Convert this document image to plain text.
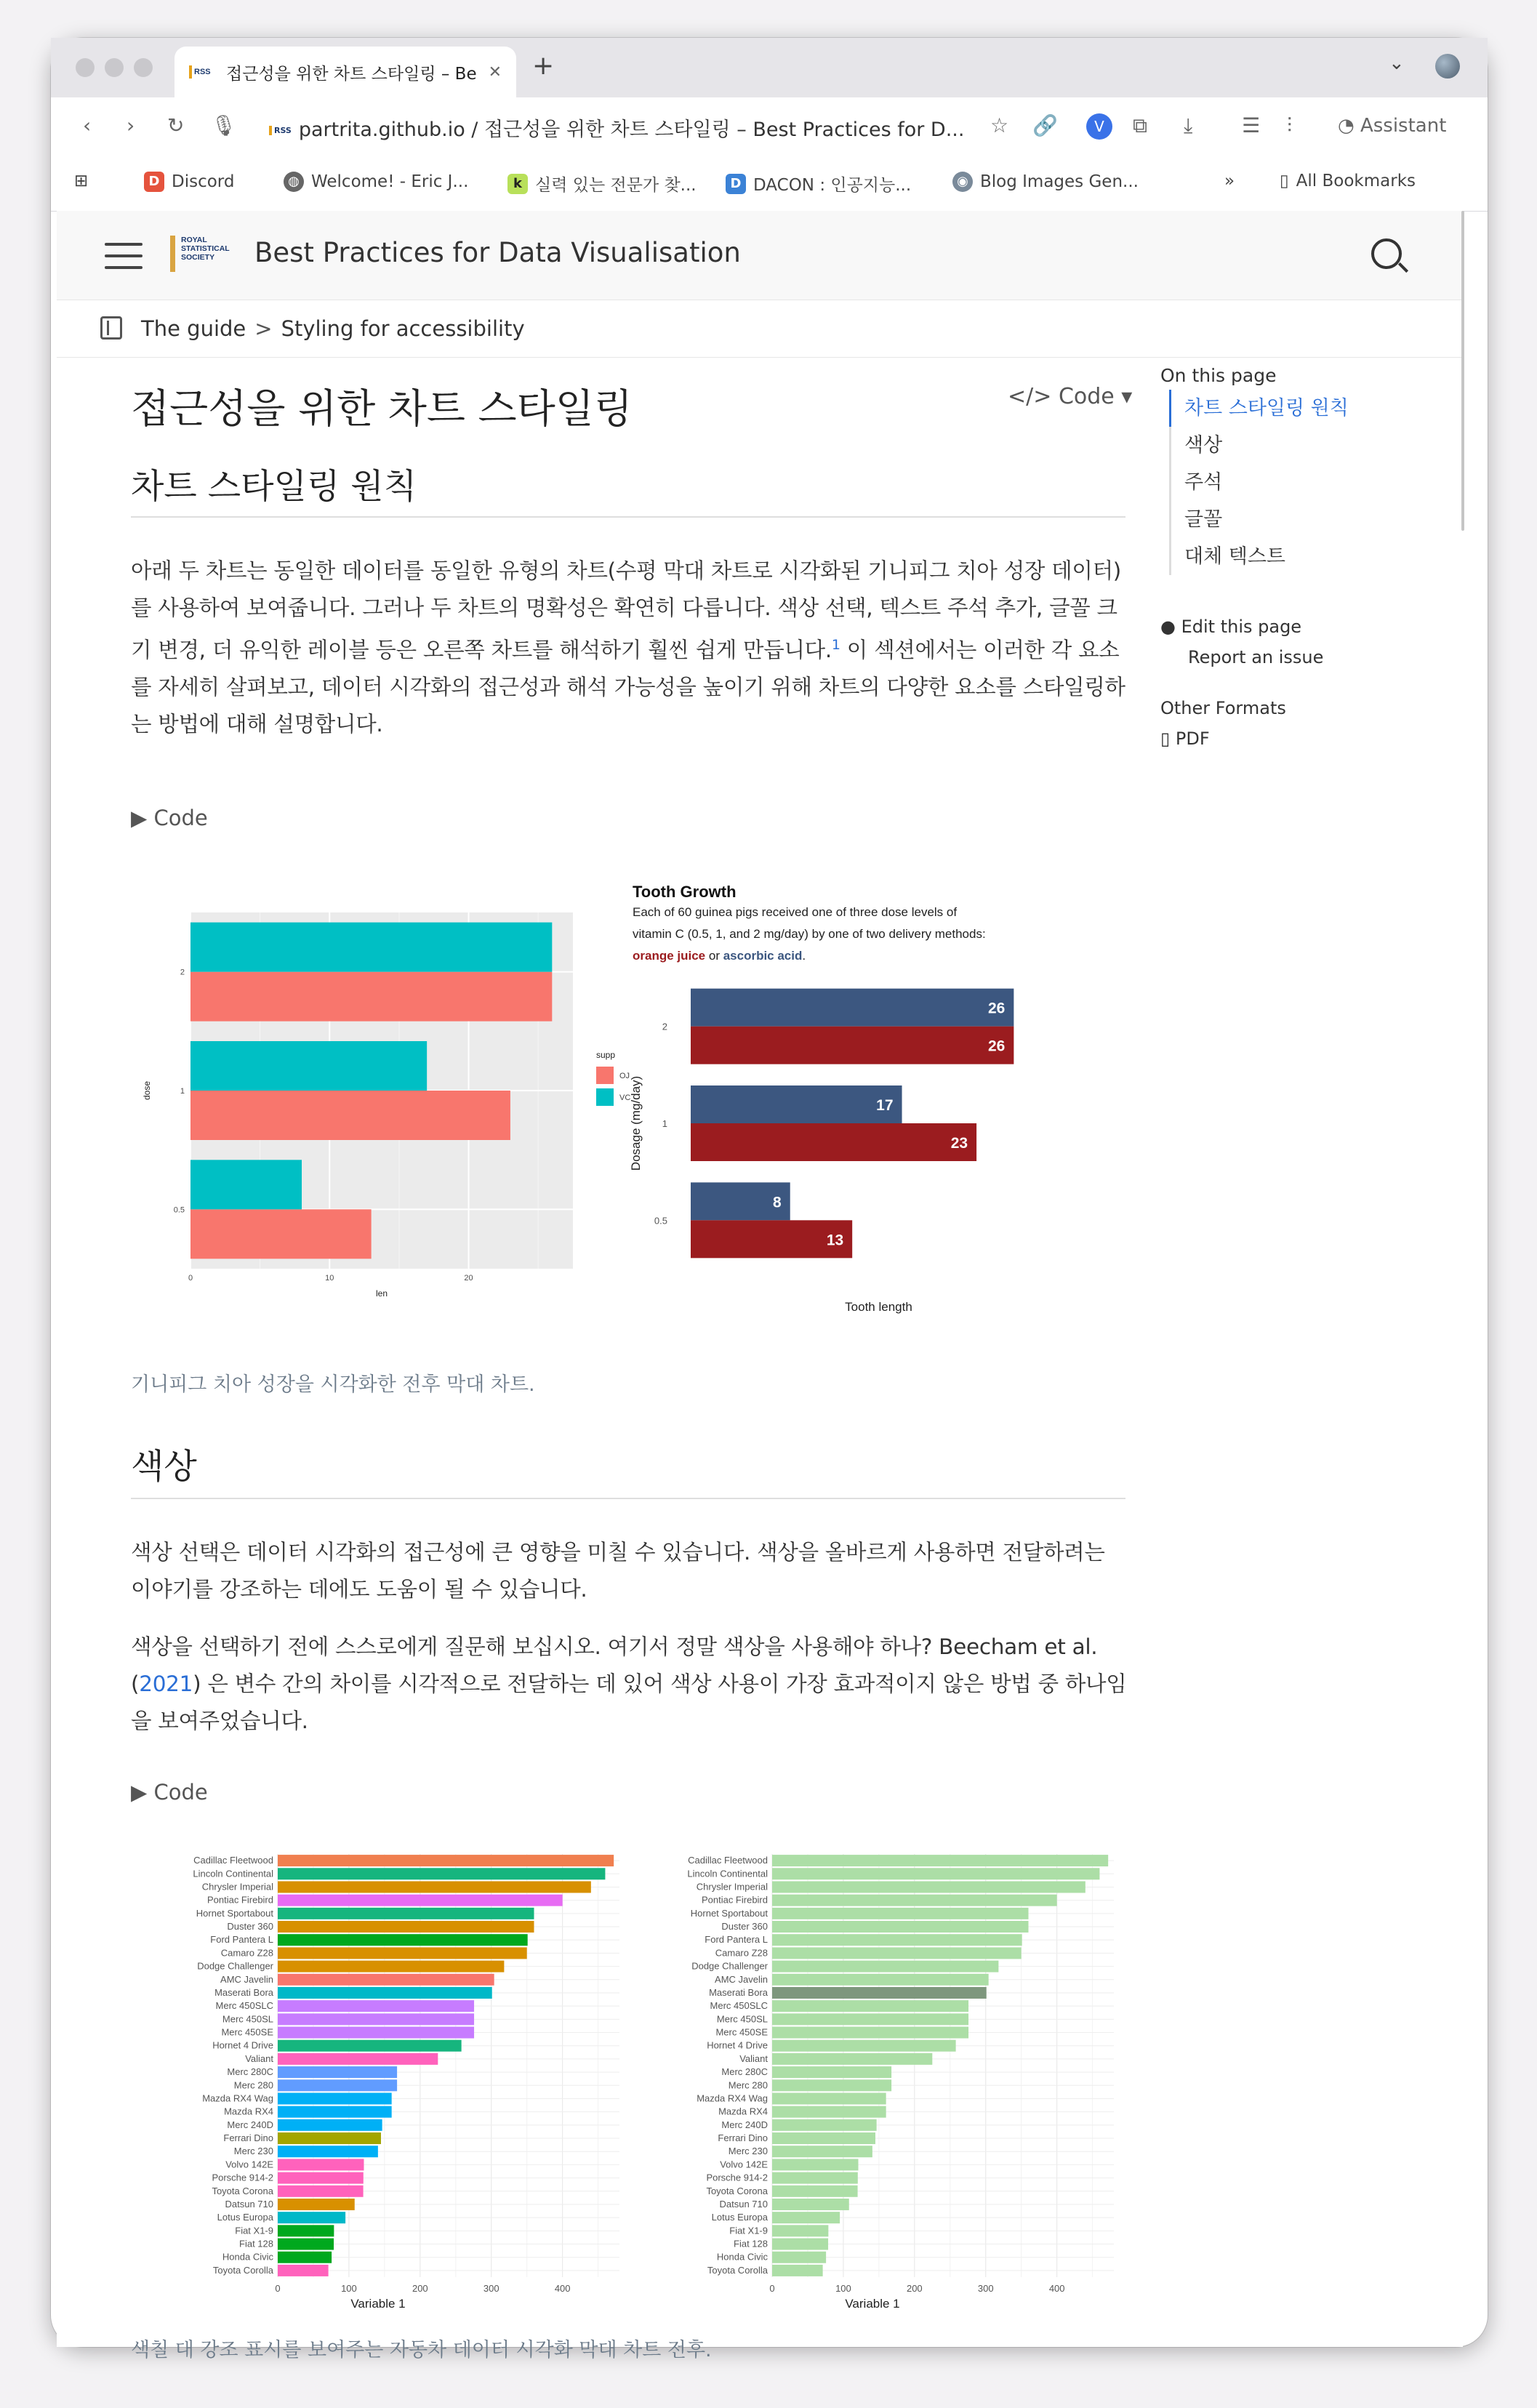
RSS 접근성을 위한 차트 스타일링 – Be ✕ +	⌄
‹ › ↻ 🎙	RSS partrita.github.io / 접근성을 위한 차트 스타일링 – Best Practices for D... ☆ 🔗	V	⧉ ⤓ ☰ ⫶ ◔ Assistant
⊞	D Discord	◍ Welcome! - Eric J...	k 실력 있는 전문가 찾...	D DACON : 인공지능...	◉ Blog Images Gen...	»	▯ All Bookmarks
ROYAL STATISTICAL SOCIETY	Best Practices for Data Visualisation
The guide > Styling for accessibility
접근성을 위한 차트 스타일링	</> Code ▾
차트 스타일링 원칙

아래 두 차트는 동일한 데이터를 동일한 유형의 차트(수평 막대 차트로 시각화된 기니피그 치아 성장 데이터)를 사용하여 보여줍니다. 그러나 두 차트의 명확성은 확연히 다릅니다. 색상 선택, 텍스트 주석 추가, 글꼴 크기 변경, 더 유익한 레이블 등은 오른쪽 차트를 해석하기 훨씬 쉽게 만듭니다.$^1$ 이 섹션에서는 이러한 각 요소를 자세히 살펴보고, 데이터 시각화의 접근성과 해석 가능성을 높이기 위해 차트의 다양한 요소를 스타일링하는 방법에 대해 설명합니다.

▶ Code
0.5
1
2
0	10	20
len
dose
supp
OJ
VC
Tooth Growth
Each of 60 guinea pigs received one of three dose levels of
vitamin C (0.5, 1, and 2 mg/day) by one of two delivery methods:
orange juice or ascorbic acid.
8
13
0.5
17
23
1
26
26
2
Dosage (mg/day)
Tooth length
기니피그 치아 성장을 시각화한 전후 막대 차트.
색상

색상 선택은 데이터 시각화의 접근성에 큰 영향을 미칠 수 있습니다. 색상을 올바르게 사용하면 전달하려는 이야기를 강조하는 데에도 도움이 될 수 있습니다.

색상을 선택하기 전에 스스로에게 질문해 보십시오. 여기서 정말 색상을 사용해야 하나? Beecham et al. (2021) 은 변수 간의 차이를 시각적으로 전달하는 데 있어 색상 사용이 가장 효과적이지 않은 방법 중 하나임을 보여주었습니다.

▶ Code
Cadillac Fleetwood
Lincoln Continental
Chrysler Imperial
Pontiac Firebird
Hornet Sportabout
Duster 360
Ford Pantera L
Camaro Z28
Dodge Challenger
AMC Javelin
Maserati Bora
Merc 450SLC
Merc 450SL
Merc 450SE
Hornet 4 Drive
Valiant
Merc 280C
Merc 280
Mazda RX4 Wag
Mazda RX4
Merc 240D
Ferrari Dino
Merc 230
Volvo 142E
Porsche 914-2
Toyota Corona
Datsun 710
Lotus Europa
Fiat X1-9
Fiat 128
Honda Civic
Toyota Corolla
0	100	200	300	400
Variable 1
Cadillac Fleetwood
Lincoln Continental
Chrysler Imperial
Pontiac Firebird
Hornet Sportabout
Duster 360
Ford Pantera L
Camaro Z28
Dodge Challenger
AMC Javelin
Maserati Bora
Merc 450SLC
Merc 450SL
Merc 450SE
Hornet 4 Drive
Valiant
Merc 280C
Merc 280
Mazda RX4 Wag
Mazda RX4
Merc 240D
Ferrari Dino
Merc 230
Volvo 142E
Porsche 914-2
Toyota Corona
Datsun 710
Lotus Europa
Fiat X1-9
Fiat 128
Honda Civic
Toyota Corolla
0	100	200	300	400
Variable 1
색칠 대 강조 표시를 보여주는 자동차 데이터 시각화 막대 차트 전후.
On this page
차트 스타일링 원칙
색상
주석
글꼴
대체 텍스트
● Edit this page
Report an issue
Other Formats
▯ PDF
